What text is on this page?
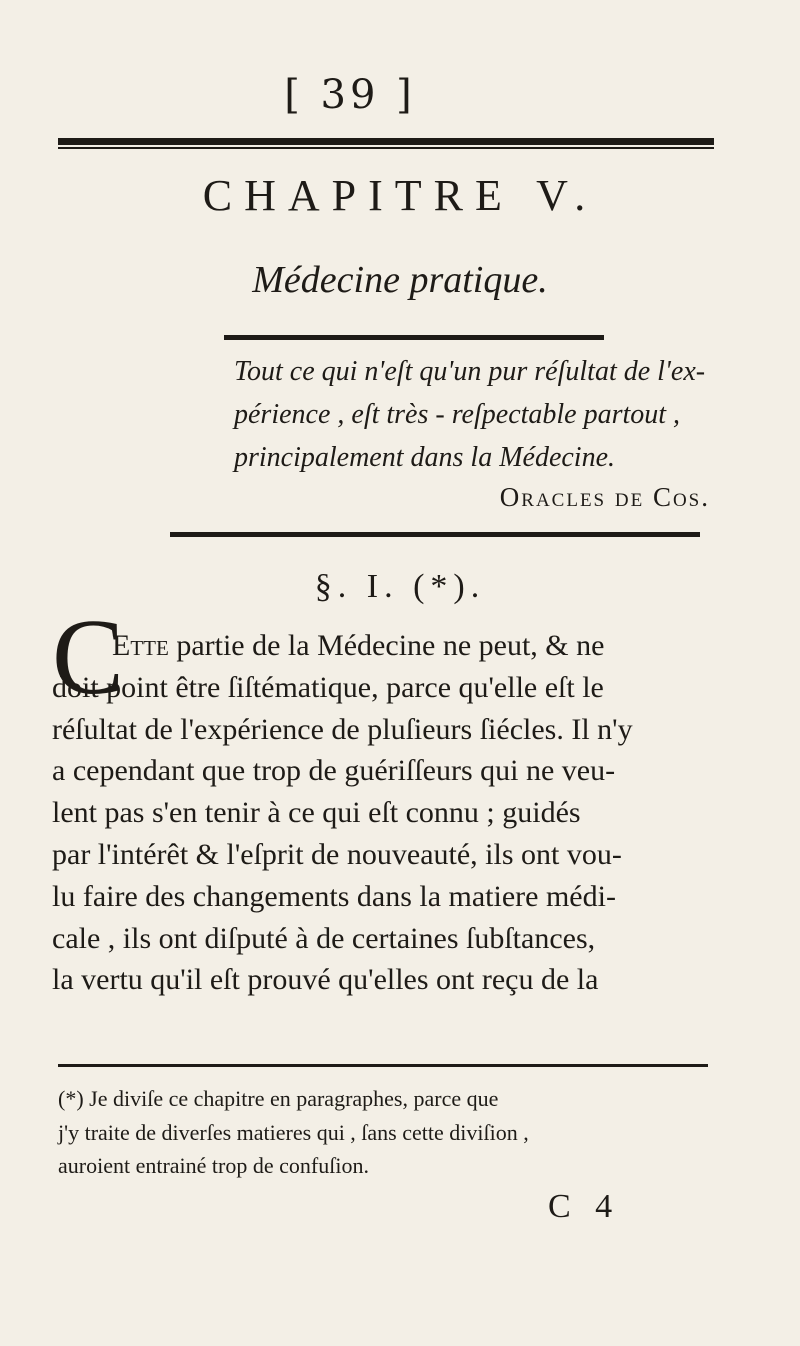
[ 39 ]
CHAPITRE V.
Médecine pratique.
Tout ce qui n'eſt qu'un pur réſultat de l'ex-
périence , eſt très - reſpectable partout ,
principalement dans la Médecine.
Oracles de Cos.
§. I. (*).
C
Ette partie de la Médecine ne peut, & ne
doit point être ſiſtématique, parce qu'elle eſt le
réſultat de l'expérience de pluſieurs ſiécles. Il n'y
a cependant que trop de guériſſeurs qui ne veu-
lent pas s'en tenir à ce qui eſt connu ; guidés
par l'intérêt & l'eſprit de nouveauté, ils ont vou-
lu faire des changements dans la matiere médi-
cale , ils ont diſputé à de certaines ſubſtances,
la vertu qu'il eſt prouvé qu'elles ont reçu de la
(*) Je diviſe ce chapitre en paragraphes, parce que
j'y traite de diverſes matieres qui , ſans cette diviſion ,
auroient entrainé trop de confuſion.
C 4
